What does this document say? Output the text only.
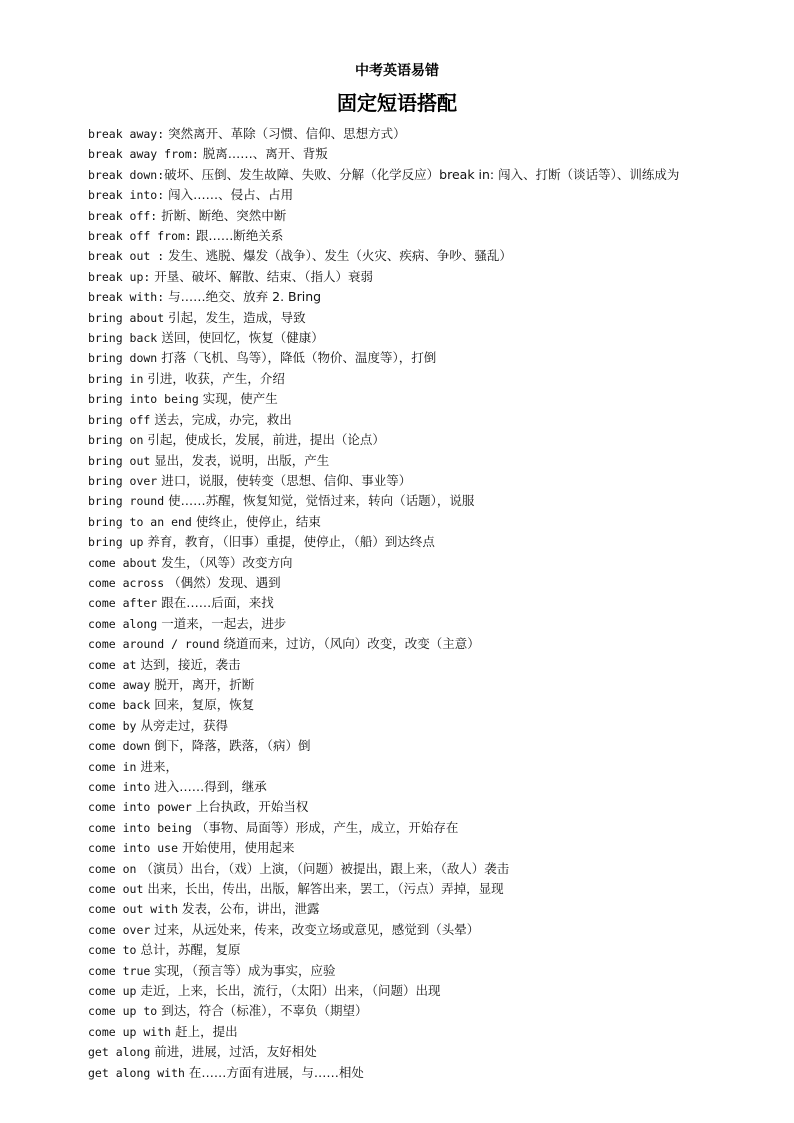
中考英语易错
固定短语搭配
break away: 突然离开、革除（习惯、信仰、思想方式）
break away from: 脱离……、离开、背叛
break down:破坏、压倒、发生故障、失败、分解（化学反应）break in: 闯入、打断（谈话等）、训练成为
break into: 闯入……、侵占、占用
break off: 折断、断绝、突然中断
break off from: 跟……断绝关系
break out : 发生、逃脱、爆发（战争）、发生（火灾、疾病、争吵、骚乱）
break up: 开垦、破坏、解散、结束、（指人）衰弱
break with: 与……绝交、放弃 2. Bring
bring about 引起，发生，造成，导致
bring back 送回，使回忆，恢复（健康）
bring down 打落（飞机、鸟等），降低（物价、温度等），打倒
bring in 引进，收获，产生，介绍
bring into being 实现，使产生
bring off 送去，完成，办完，救出
bring on 引起，使成长，发展，前进，提出（论点）
bring out 显出，发表，说明，出版，产生
bring over 进口，说服，使转变（思想、信仰、事业等）
bring round 使……苏醒，恢复知觉，觉悟过来，转向（话题），说服
bring to an end 使终止，使停止，结束
bring up 养育，教育，（旧事）重提，使停止，（船）到达终点
come about 发生，（风等）改变方向
come across （偶然）发现、遇到
come after 跟在……后面，来找
come along 一道来，一起去，进步
come around / round 绕道而来，过访，（风向）改变，改变（主意）
come at 达到，接近，袭击
come away 脱开，离开，折断
come back 回来，复原，恢复
come by 从旁走过，获得
come down 倒下，降落，跌落，（病）倒
come in 进来，
come into 进入……得到，继承
come into power 上台执政，开始当权
come into being （事物、局面等）形成，产生，成立，开始存在
come into use 开始使用，使用起来
come on （演员）出台，（戏）上演，（问题）被提出，跟上来，（敌人）袭击
come out 出来，长出，传出，出版，解答出来，罢工，（污点）弄掉，显现
come out with 发表，公布，讲出，泄露
come over 过来，从远处来，传来，改变立场或意见，感觉到（头晕）
come to 总计，苏醒，复原
come true 实现，（预言等）成为事实，应验
come up 走近，上来，长出，流行，（太阳）出来，（问题）出现
come up to 到达，符合（标准），不辜负（期望）
come up with 赶上，提出
get along 前进，进展，过活，友好相处
get along with 在……方面有进展，与……相处
